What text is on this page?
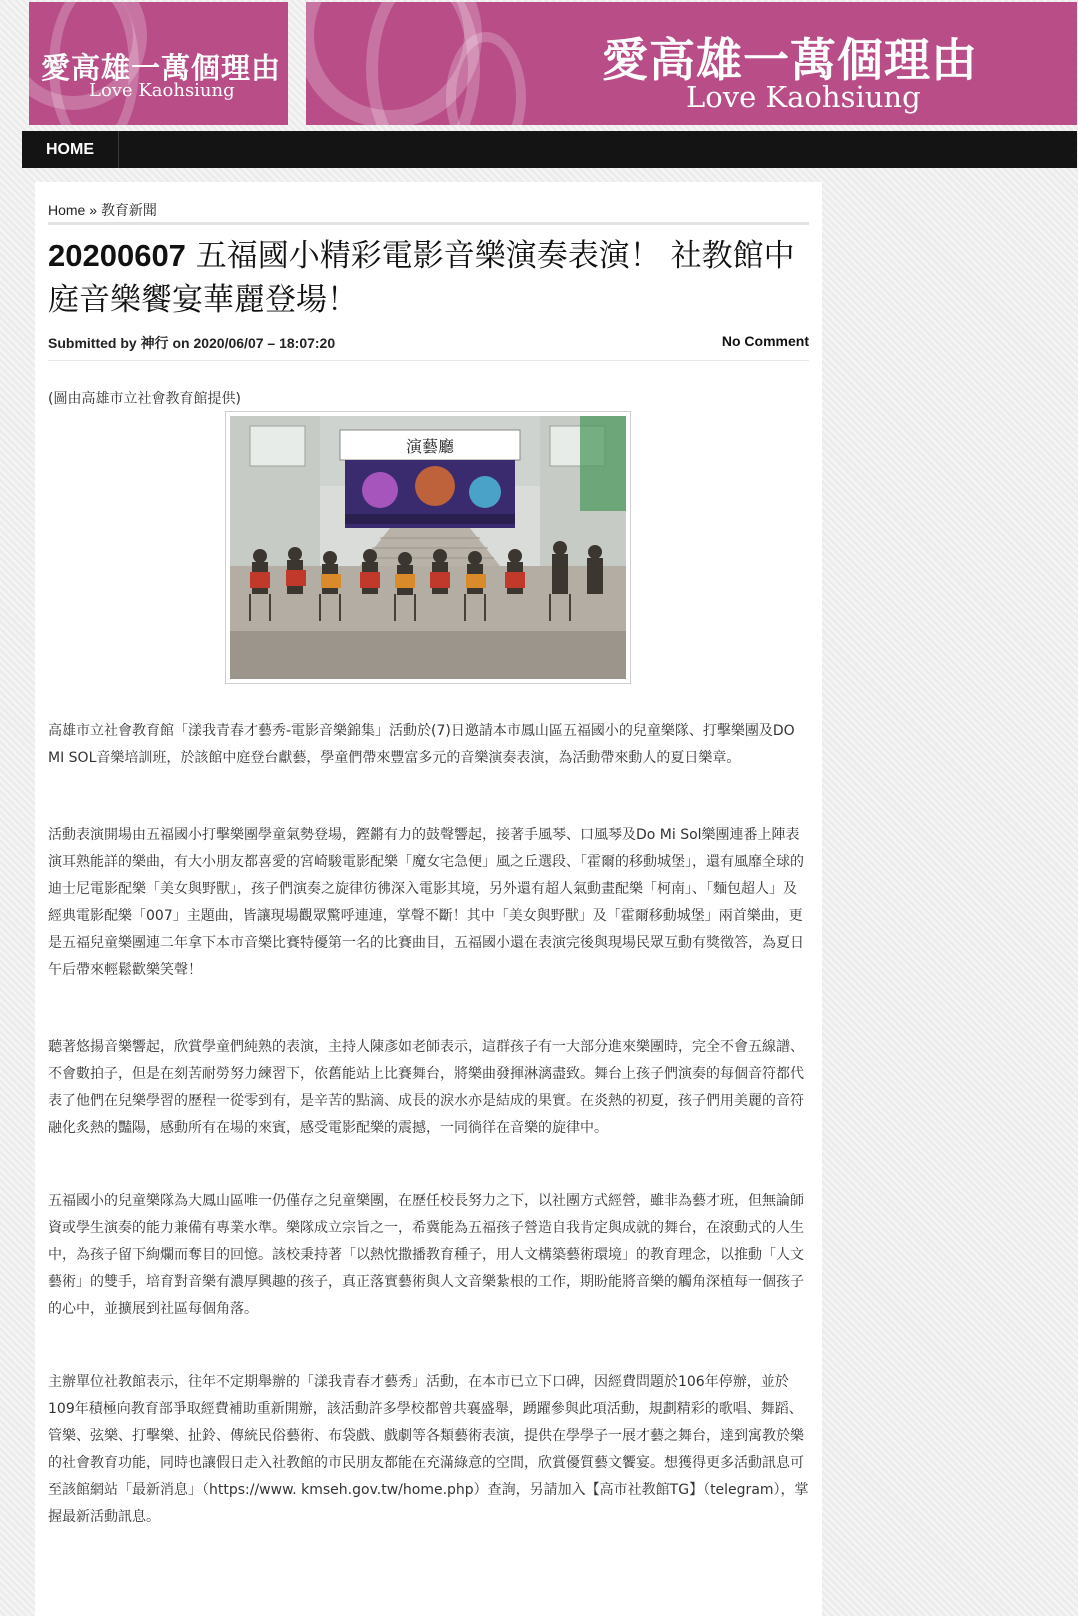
愛高雄一萬個理由
Love Kaohsiung
愛高雄一萬個理由
Love Kaohsiung
HOME
Home » 教育新聞
20200607 五福國小精彩電影音樂演奏表演！ 社教館中庭音樂饗宴華麗登場！
Submitted by 神行 on 2020/06/07 – 18:07:20	No Comment
(圖由高雄市立社會教育館提供)
演藝廳

高雄市立社會教育館「漾我青春才藝秀-電影音樂錦集」活動於(7)日邀請本市鳳山區五福國小的兒童樂隊、打擊樂團及DO MI SOL音樂培訓班，於該館中庭登台獻藝，學童們帶來豐富多元的音樂演奏表演，為活動帶來動人的夏日樂章。

活動表演開場由五福國小打擊樂團學童氣勢登場，鏗鏘有力的鼓聲響起，接著手風琴、口風琴及Do Mi Sol樂團連番上陣表演耳熟能詳的樂曲，有大小朋友都喜愛的宮崎駿電影配樂「魔女宅急便」風之丘選段、「霍爾的移動城堡」，還有風靡全球的迪士尼電影配樂「美女與野獸」，孩子們演奏之旋律彷彿深入電影其境，另外還有超人氣動畫配樂「柯南」、「麵包超人」及經典電影配樂「007」主題曲，皆讓現場觀眾驚呼連連，掌聲不斷！其中「美女與野獸」及「霍爾移動城堡」兩首樂曲，更是五福兒童樂團連二年拿下本市音樂比賽特優第一名的比賽曲目，五福國小還在表演完後與現場民眾互動有獎徵答，為夏日午后帶來輕鬆歡樂笑聲！

聽著悠揚音樂響起，欣賞學童們純熟的表演，主持人陳彥如老師表示，這群孩子有一大部分進來樂團時，完全不會五線譜、不會數拍子，但是在刻苦耐勞努力練習下，依舊能站上比賽舞台，將樂曲發揮淋漓盡致。舞台上孩子們演奏的每個音符都代表了他們在兒樂學習的歷程一從零到有，是辛苦的點滴、成長的淚水亦是結成的果實。在炎熱的初夏，孩子們用美麗的音符融化炙熱的豔陽，感動所有在場的來賓，感受電影配樂的震撼，一同徜徉在音樂的旋律中。

五福國小的兒童樂隊為大鳳山區唯一仍僅存之兒童樂團，在歷任校長努力之下，以社團方式經營，雖非為藝才班，但無論師資或學生演奏的能力兼備有專業水準。樂隊成立宗旨之一，希冀能為五福孩子營造自我肯定與成就的舞台，在滾動式的人生中，為孩子留下絢爛而奪目的回憶。該校秉持著「以熱忱撒播教育種子，用人文構築藝術環境」的教育理念，以推動「人文藝術」的雙手，培育對音樂有濃厚興趣的孩子，真正落實藝術與人文音樂紮根的工作，期盼能將音樂的觸角深植每一個孩子的心中，並擴展到社區每個角落。

主辦單位社教館表示，往年不定期舉辦的「漾我青春才藝秀」活動，在本市已立下口碑，因經費問題於106年停辦，並於109年積極向教育部爭取經費補助重新開辦，該活動許多學校都曾共襄盛舉，踴躍參與此項活動，規劃精彩的歌唱、舞蹈、管樂、弦樂、打擊樂、扯鈴、傳統民俗藝術、布袋戲、戲劇等各類藝術表演，提供在學學子一展才藝之舞台，達到寓教於樂的社會教育功能，同時也讓假日走入社教館的市民朋友都能在充滿綠意的空間，欣賞優質藝文饗宴。想獲得更多活動訊息可至該館網站「最新消息」（https://www. kmseh.gov.tw/home.php）查詢，另請加入【高市社教館TG】（telegram），掌握最新活動訊息。
